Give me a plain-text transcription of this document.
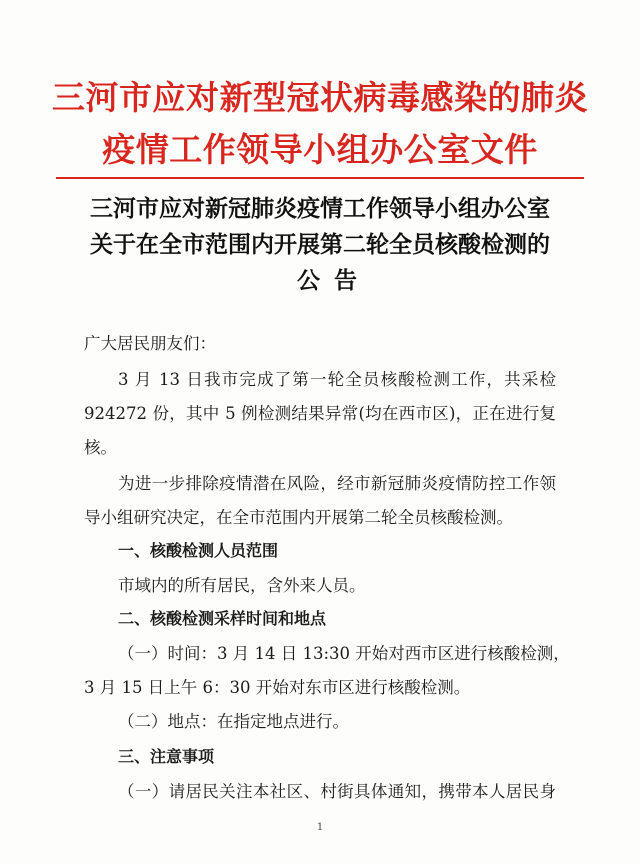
三河市应对新型冠状病毒感染的肺炎
疫情工作领导小组办公室文件
三河市应对新冠肺炎疫情工作领导小组办公室
关于在全市范围内开展第二轮全员核酸检测的
公告
广大居民朋友们：
3 月 13 日我市完成了第一轮全员核酸检测工作，共采检
924272 份，其中 5 例检测结果异常(均在西市区)，正在进行复
核。
为进一步排除疫情潜在风险，经市新冠肺炎疫情防控工作领
导小组研究决定，在全市范围内开展第二轮全员核酸检测。
一、核酸检测人员范围
市域内的所有居民，含外来人员。
二、核酸检测采样时间和地点
（一）时间：3 月 14 日 13:30 开始对西市区进行核酸检测，
3 月 15 日上午 6：30 开始对东市区进行核酸检测。
（二）地点：在指定地点进行。
三、注意事项
（一）请居民关注本社区、村街具体通知，携带本人居民身
1
